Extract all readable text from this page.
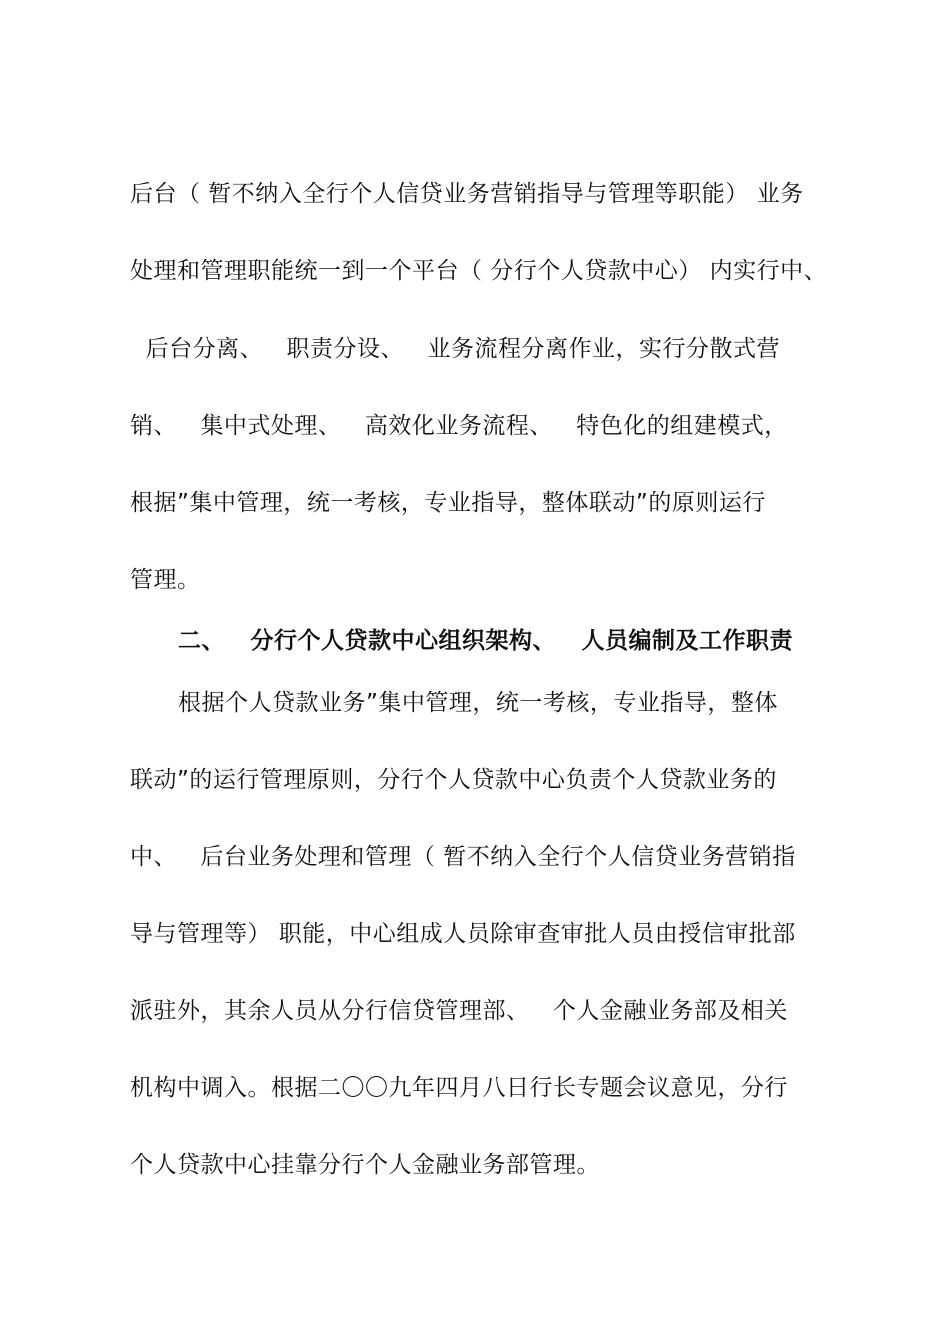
后台（ 暂不纳入全行个人信贷业务营销指导与管理等职能） 业务
处理和管理职能统一到一个平台（ 分行个人贷款中心） 内实行中、
后台分离、   职责分设、   业务流程分离作业，实行分散式营
销、   集中式处理、   高效化业务流程、   特色化的组建模式，
根据”集中管理，统一考核，专业指导，整体联动”的原则运行
管理。
二、   分行个人贷款中心组织架构、   人员编制及工作职责
根据个人贷款业务”集中管理，统一考核，专业指导，整体
联动”的运行管理原则，分行个人贷款中心负责个人贷款业务的
中、   后台业务处理和管理（ 暂不纳入全行个人信贷业务营销指
导与管理等） 职能，中心组成人员除审查审批人员由授信审批部
派驻外，其余人员从分行信贷管理部、   个人金融业务部及相关
机构中调入。根据二〇〇九年四月八日行长专题会议意见，分行
个人贷款中心挂靠分行个人金融业务部管理。
